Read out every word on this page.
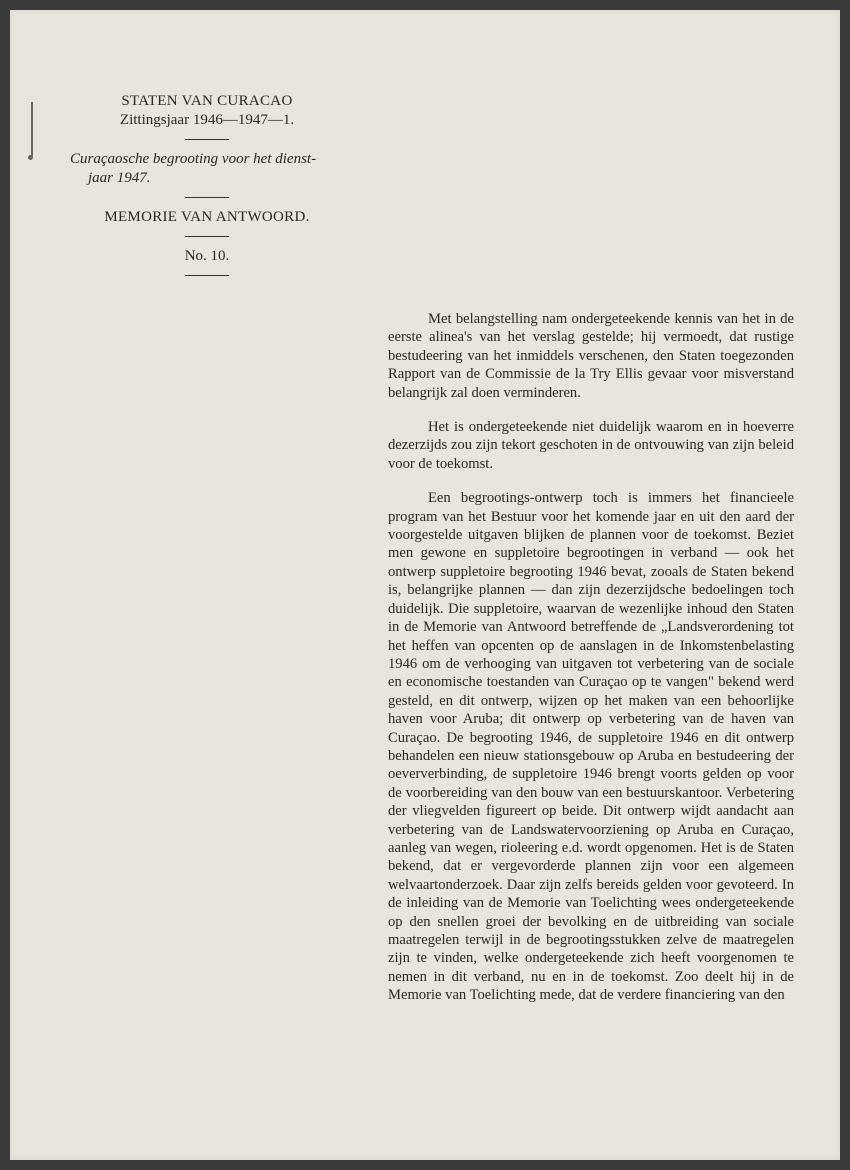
STATEN VAN CURACAO
Zittingsjaar 1946—1947—1.
Curaçaosche begrooting voor het dienst-
jaar 1947.
MEMORIE VAN ANTWOORD.
No. 10.

Met belangstelling nam ondergeteekende kennis van het in de eerste alinea's van het verslag gestelde; hij vermoedt, dat rustige bestudeering van het inmiddels verschenen, den Staten toegezonden Rapport van de Commissie de la Try Ellis gevaar voor misverstand belangrijk zal doen verminderen.

Het is ondergeteekende niet duidelijk waarom en in hoeverre dezerzijds zou zijn tekort geschoten in de ontvouwing van zijn beleid voor de toekomst.

Een begrootings-ontwerp toch is immers het financieele program van het Bestuur voor het komende jaar en uit den aard der voorgestelde uitgaven blijken de plannen voor de toekomst. Beziet men gewone en suppletoire begrootingen in verband — ook het ontwerp suppletoire begrooting 1946 bevat, zooals de Staten bekend is, belangrijke plannen — dan zijn dezerzijdsche bedoelingen toch duidelijk. Die suppletoire, waarvan de wezenlijke inhoud den Staten in de Memorie van Antwoord betreffende de „Landsverordening tot het heffen van opcenten op de aanslagen in de Inkomstenbelasting 1946 om de verhooging van uitgaven tot verbetering van de sociale en economische toestanden van Curaçao op te vangen" bekend werd gesteld, en dit ontwerp, wijzen op het maken van een behoorlijke haven voor Aruba; dit ontwerp op verbetering van de haven van Curaçao. De begrooting 1946, de suppletoire 1946 en dit ontwerp behandelen een nieuw stationsgebouw op Aruba en bestudeering der oeververbinding, de suppletoire 1946 brengt voorts gelden op voor de voorbereiding van den bouw van een bestuurskantoor. Verbetering der vliegvelden figureert op beide. Dit ontwerp wijdt aandacht aan verbetering van de Landswatervoorziening op Aruba en Curaçao, aanleg van wegen, rioleering e.d. wordt opgenomen. Het is de Staten bekend, dat er vergevorderde plannen zijn voor een algemeen welvaartonderzoek. Daar zijn zelfs bereids gelden voor gevoteerd. In de inleiding van de Memorie van Toelichting wees ondergeteekende op den snellen groei der bevolking en de uitbreiding van sociale maatregelen terwijl in de begrootingsstukken zelve de maatregelen zijn te vinden, welke ondergeteekende zich heeft voorgenomen te nemen in dit verband, nu en in de toekomst. Zoo deelt hij in de Memorie van Toelichting mede, dat de verdere financiering van den
